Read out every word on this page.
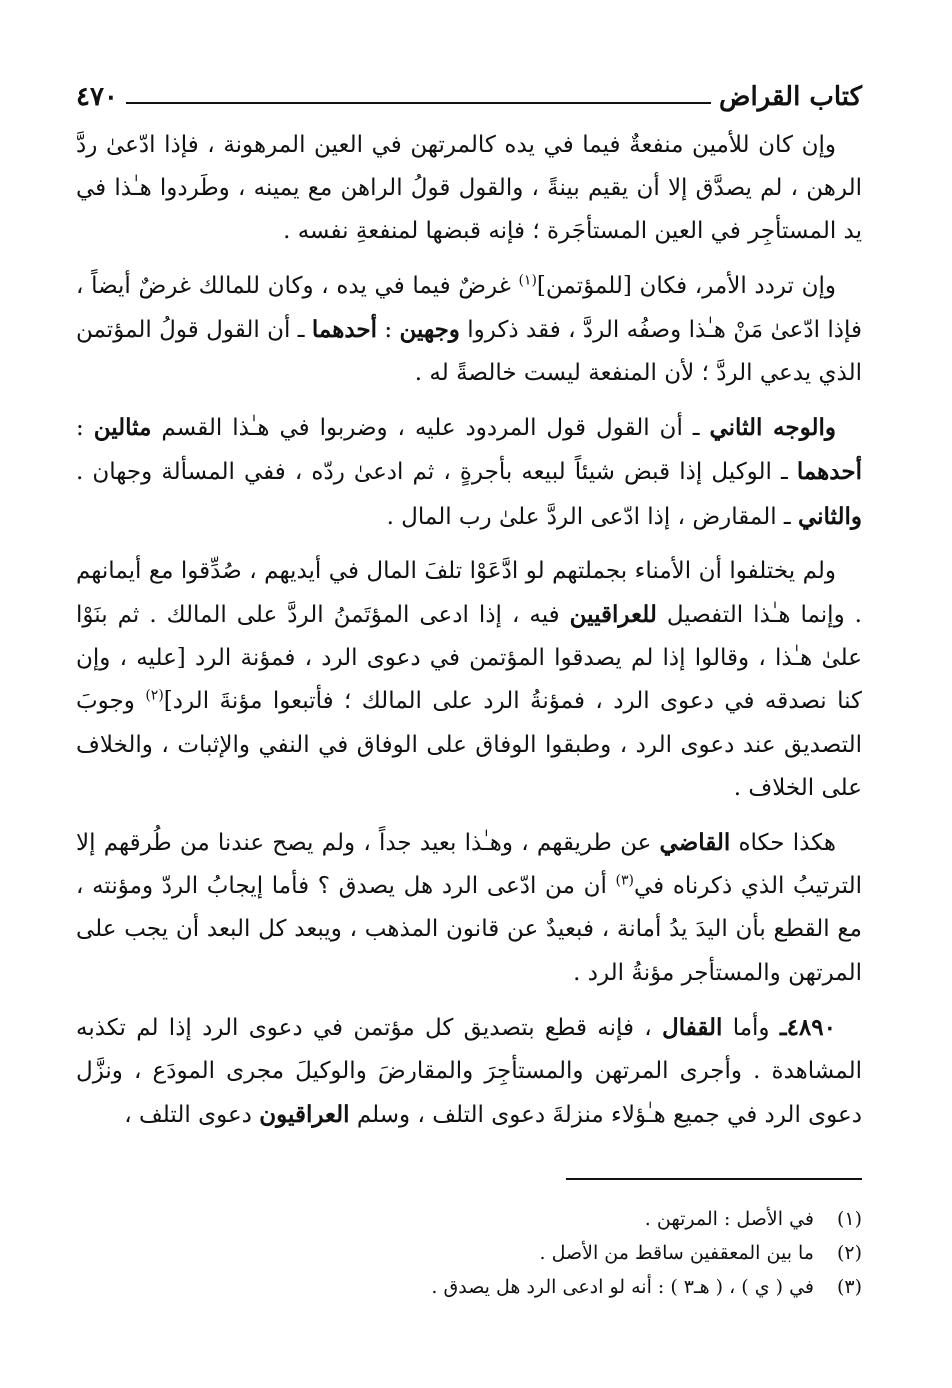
كتاب القراض
٤٧٠

وإن كان للأمين منفعةٌ فيما في يده كالمرتهن في العين المرهونة ، فإذا ادّعىٰ ردَّ الرهن ، لم يصدَّق إلا أن يقيم بينةً ، والقول قولُ الراهن مع يمينه ، وطَردوا هـٰذا في يد المستأجِر في العين المستأجَرة ؛ فإنه قبضها لمنفعةِ نفسه .

وإن تردد الأمر، فكان [للمؤتمن]$^{(١)}$ غرضٌ فيما في يده ، وكان للمالك غرضٌ أيضاً ، فإذا ادّعىٰ مَنْ هـٰذا وصفُه الردَّ ، فقد ذكروا وجهين : أحدهما ـ أن القول قولُ المؤتمن الذي يدعي الردَّ ؛ لأن المنفعة ليست خالصةً له .

والوجه الثاني ـ أن القول قول المردود عليه ، وضربوا في هـٰذا القسم مثالين : أحدهما ـ الوكيل إذا قبض شيئاً لبيعه بأجرةٍ ، ثم ادعىٰ ردّه ، ففي المسألة وجهان . والثاني ـ المقارض ، إذا ادّعى الردَّ علىٰ رب المال .

ولم يختلفوا أن الأمناء بجملتهم لو ادَّعَوْا تلفَ المال في أيديهم ، صُدِّقوا مع أيمانهم . وإنما هـٰذا التفصيل للعراقيين فيه ، إذا ادعى المؤتَمنُ الردَّ على المالك . ثم بنَوْا علىٰ هـٰذا ، وقالوا إذا لم يصدقوا المؤتمن في دعوى الرد ، فمؤنة الرد [عليه ، وإن كنا نصدقه في دعوى الرد ، فمؤنةُ الرد على المالك ؛ فأتبعوا مؤنةَ الرد]$^{(٢)}$ وجوبَ التصديق عند دعوى الرد ، وطبقوا الوفاق على الوفاق في النفي والإثبات ، والخلاف على الخلاف .

هكذا حكاه القاضي عن طريقهم ، وهـٰذا بعيد جداً ، ولم يصح عندنا من طُرقهم إلا الترتيبُ الذي ذكرناه في$^{(٣)}$ أن من ادّعى الرد هل يصدق ؟ فأما إيجابُ الردّ ومؤنته ، مع القطع بأن اليدَ يدُ أمانة ، فبعيدٌ عن قانون المذهب ، ويبعد كل البعد أن يجب على المرتهن والمستأجر مؤنةُ الرد .

٤٨٩٠ـ وأما القفال ، فإنه قطع بتصديق كل مؤتمن في دعوى الرد إذا لم تكذبه المشاهدة . وأجرى المرتهن والمستأجِرَ والمقارضَ والوكيلَ مجرى المودَع ، ونزَّل دعوى الرد في جميع هـٰؤلاء منزلةَ دعوى التلف ، وسلم العراقيون دعوى التلف ،

(١)في الأصل : المرتهن .
(٢)ما بين المعقفين ساقط من الأصل .
(٣)في ( ي ) ، ( هـ٣ ) : أنه لو ادعى الرد هل يصدق .
